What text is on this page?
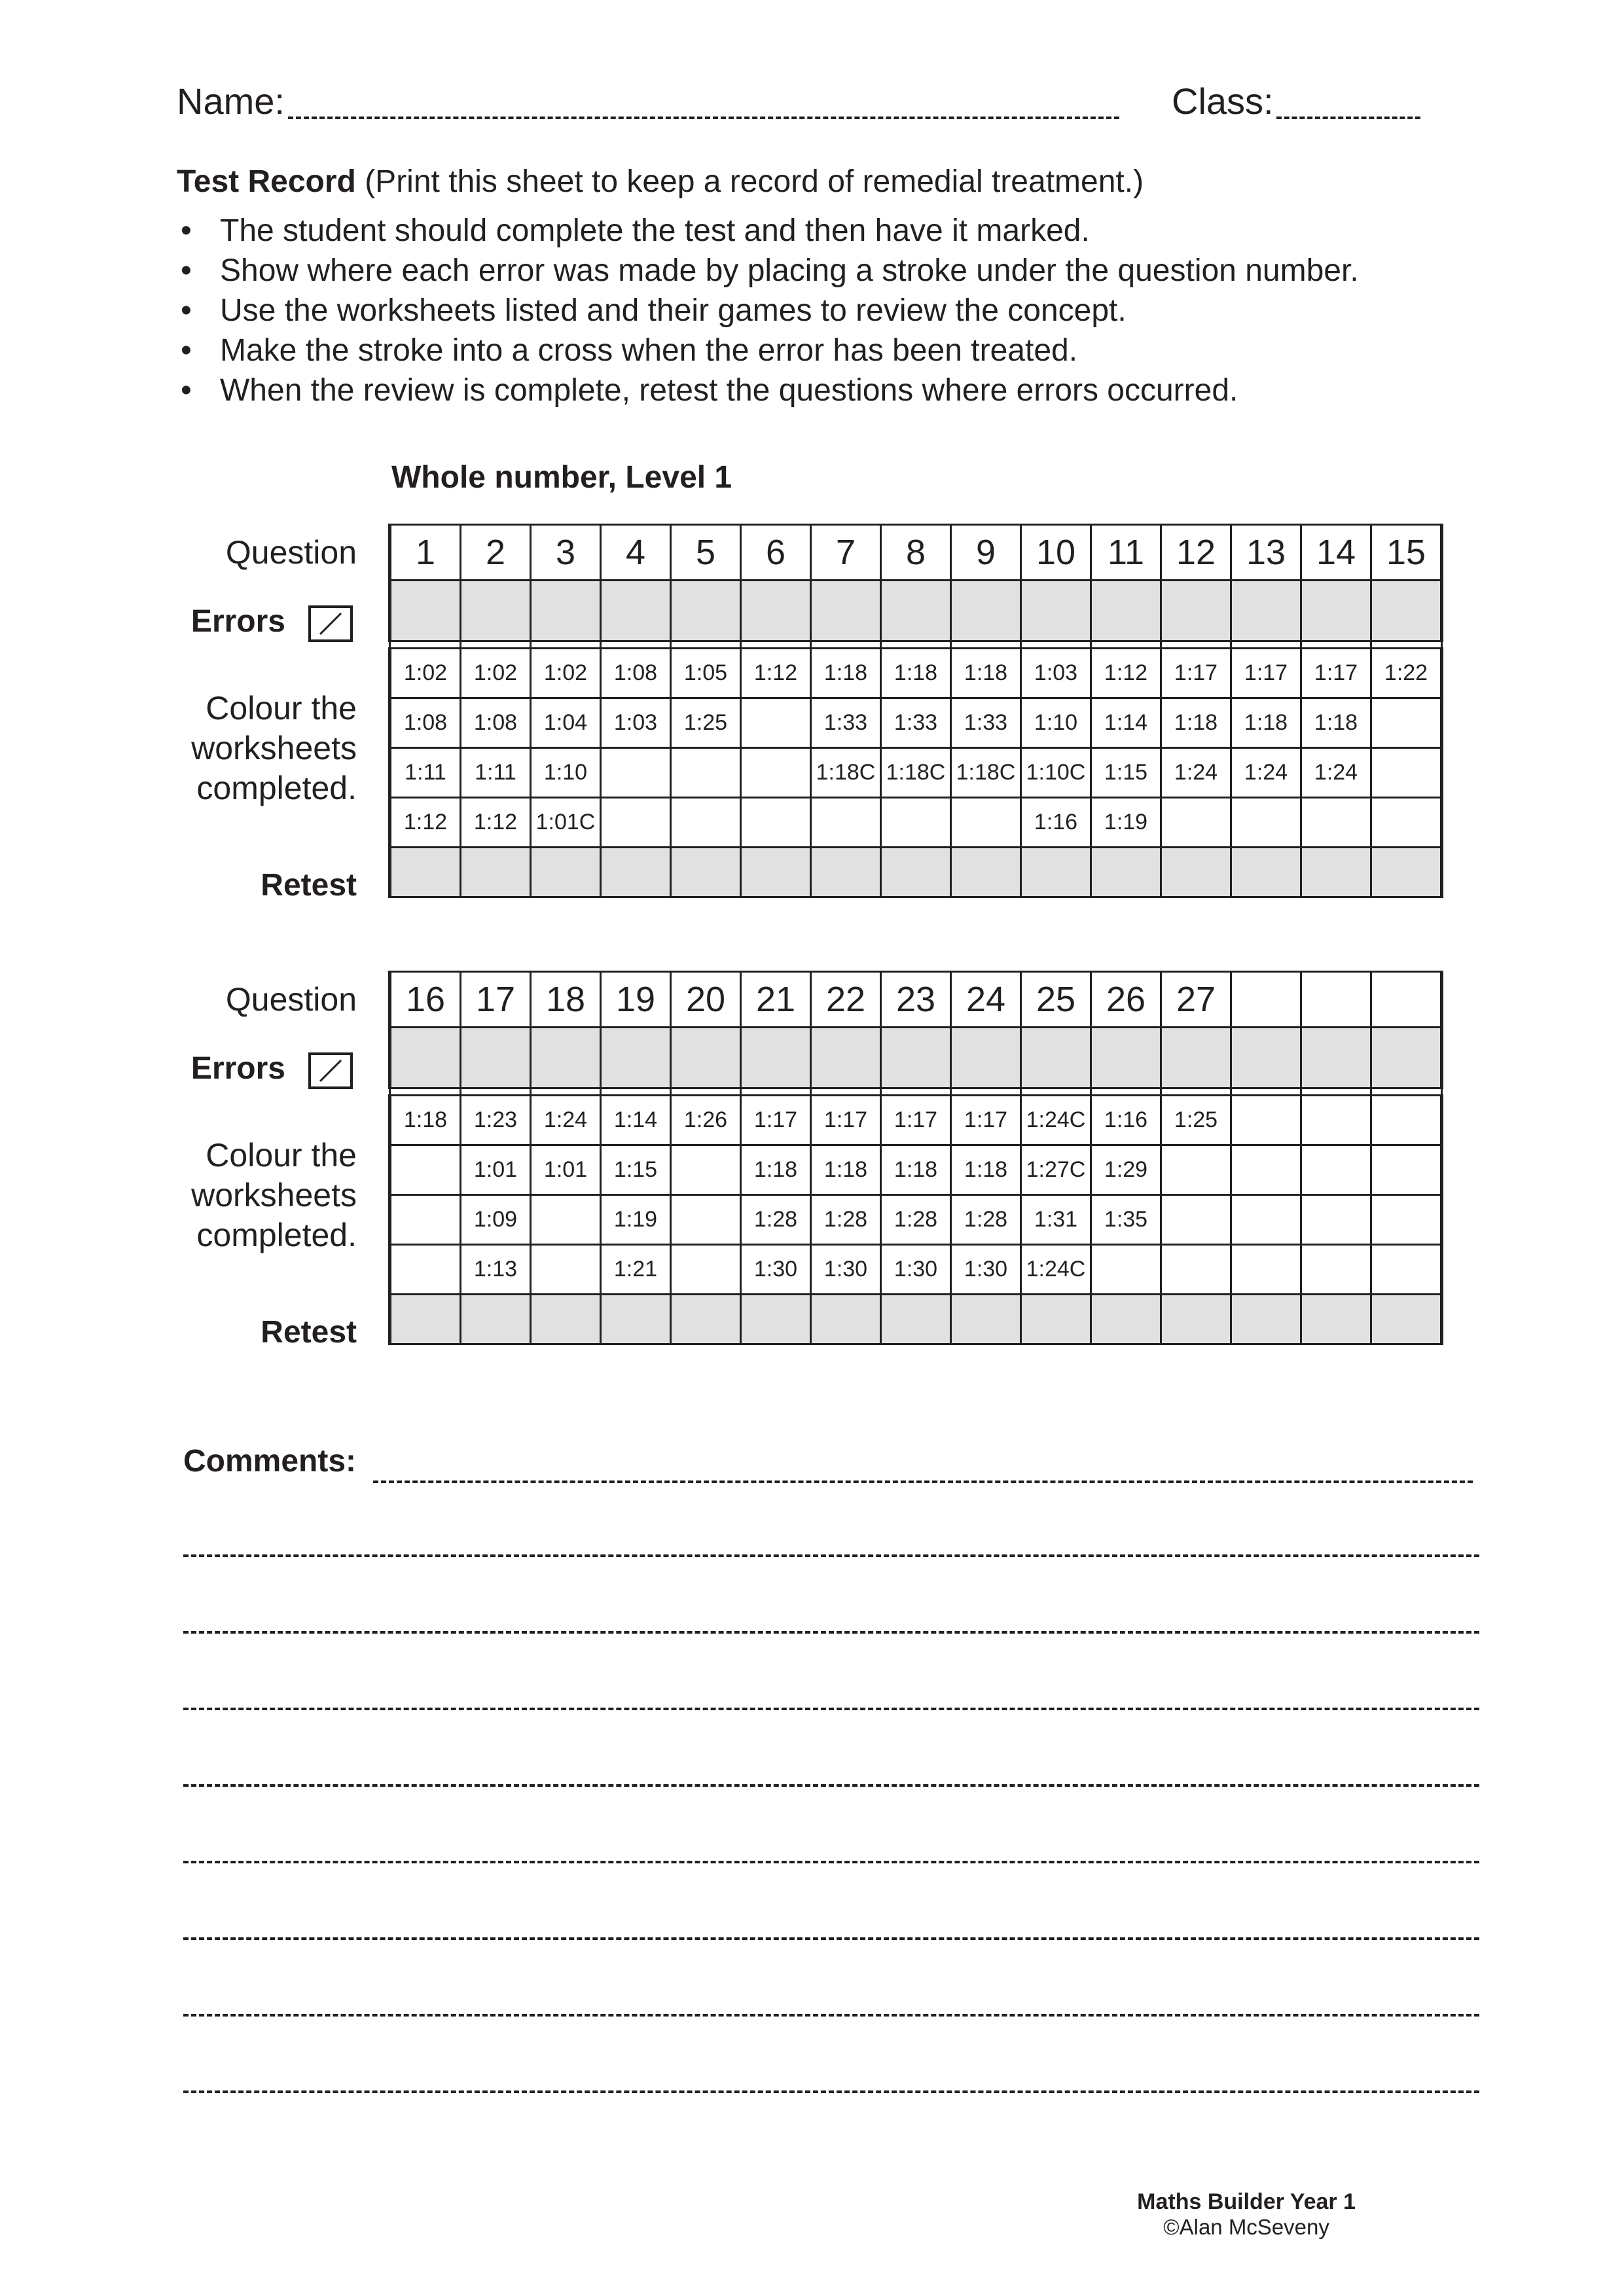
Name:	Class:
Test Record (Print this sheet to keep a record of remedial treatment.)
• The student should complete the test and then have it marked.
• Show where each error was made by placing a stroke under the question number.
• Use the worksheets listed and their games to review the concept.
• Make the stroke into a cross when the error has been treated.
• When the review is complete, retest the questions where errors occurred.
Whole number, Level 1
Question
Errors
Colour the
worksheets
completed.
Retest
1	2	3	4	5	6	7	8	9	10	11	12	13	14	15

1:02	1:02	1:02	1:08	1:05	1:12	1:18	1:18	1:18	1:03	1:12	1:17	1:17	1:17	1:22
1:08	1:08	1:04	1:03	1:25		1:33	1:33	1:33	1:10	1:14	1:18	1:18	1:18	
1:11	1:11	1:10				1:18C	1:18C	1:18C	1:10C	1:15	1:24	1:24	1:24	
1:12	1:12	1:01C							1:16	1:19				

Question
Errors
Colour the
worksheets
completed.
Retest
16	17	18	19	20	21	22	23	24	25	26	27			

1:18	1:23	1:24	1:14	1:26	1:17	1:17	1:17	1:17	1:24C	1:16	1:25			
	1:01	1:01	1:15		1:18	1:18	1:18	1:18	1:27C	1:29				
	1:09		1:19		1:28	1:28	1:28	1:28	1:31	1:35				
	1:13		1:21		1:30	1:30	1:30	1:30	1:24C					

Comments:
Maths Builder Year 1
©Alan McSeveny
